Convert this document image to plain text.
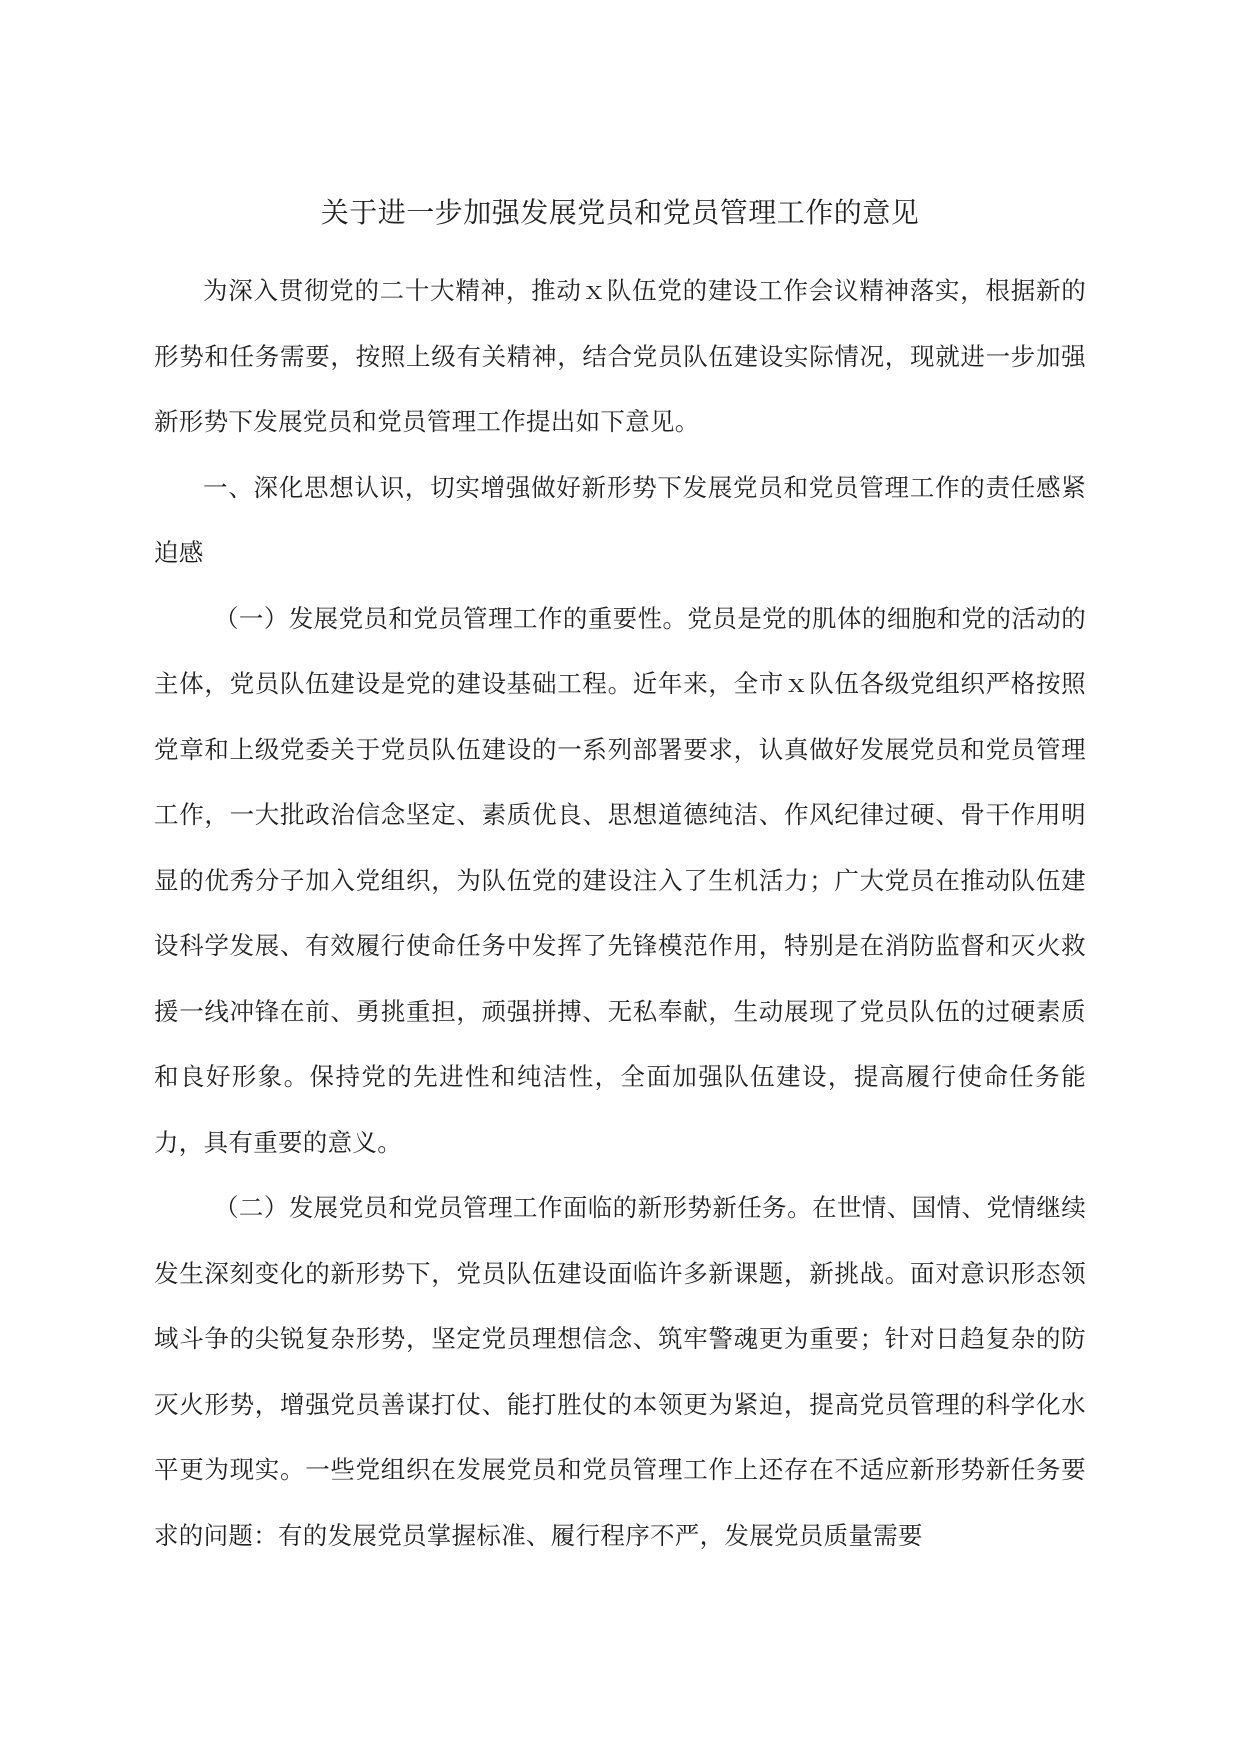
关于进一步加强发展党员和党员管理工作的意见

为深入贯彻党的二十大精神，推动ｘ队伍党的建设工作会议精神落实，根据新的形势和任务需要，按照上级有关精神，结合党员队伍建设实际情况，现就进一步加强新形势下发展党员和党员管理工作提出如下意见。

一、深化思想认识，切实增强做好新形势下发展党员和党员管理工作的责任感紧迫感

（一）发展党员和党员管理工作的重要性。党员是党的肌体的细胞和党的活动的主体，党员队伍建设是党的建设基础工程。近年来，全市ｘ队伍各级党组织严格按照党章和上级党委关于党员队伍建设的一系列部署要求，认真做好发展党员和党员管理工作，一大批政治信念坚定、素质优良、思想道德纯洁、作风纪律过硬、骨干作用明显的优秀分子加入党组织，为队伍党的建设注入了生机活力；广大党员在推动队伍建设科学发展、有效履行使命任务中发挥了先锋模范作用，特别是在消防监督和灭火救援一线冲锋在前、勇挑重担，顽强拼搏、无私奉献，生动展现了党员队伍的过硬素质和良好形象。保持党的先进性和纯洁性，全面加强队伍建设，提高履行使命任务能力，具有重要的意义。

（二）发展党员和党员管理工作面临的新形势新任务。在世情、国情、党情继续发生深刻变化的新形势下，党员队伍建设面临许多新课题，新挑战。面对意识形态领域斗争的尖锐复杂形势，坚定党员理想信念、筑牢警魂更为重要；针对日趋复杂的防灭火形势，增强党员善谋打仗、能打胜仗的本领更为紧迫，提高党员管理的科学化水平更为现实。一些党组织在发展党员和党员管理工作上还存在不适应新形势新任务要求的问题：有的发展党员掌握标准、履行程序不严，发展党员质量需要
